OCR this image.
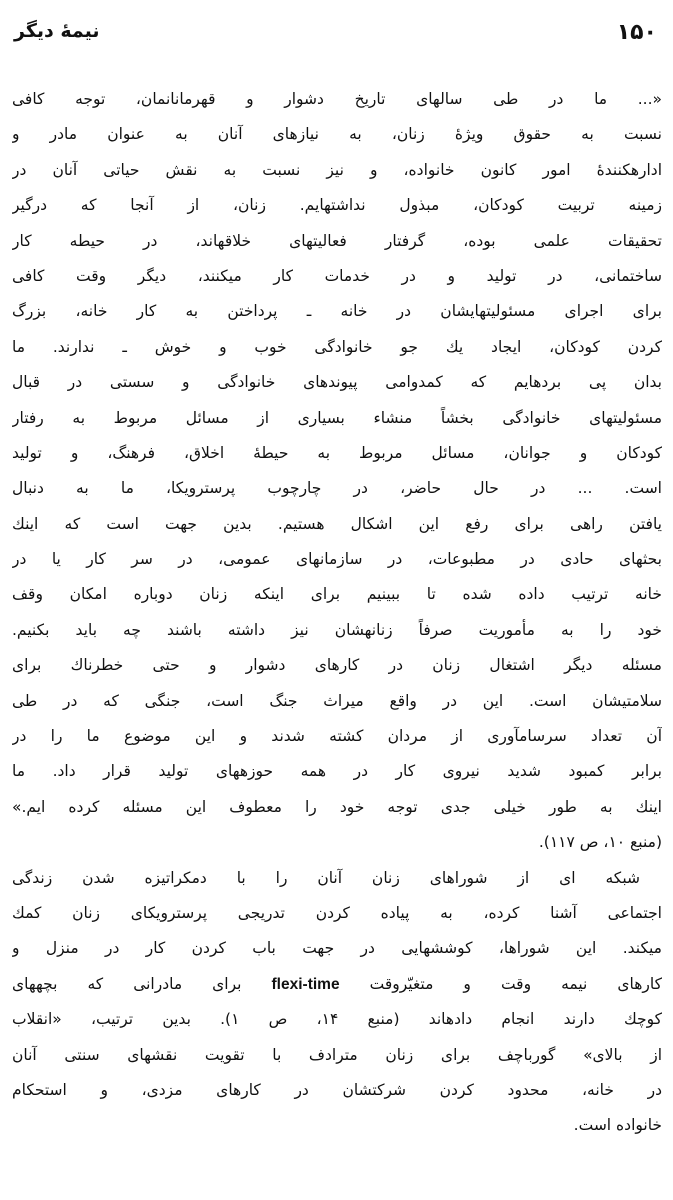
۱۵۰
نیمهٔ دیگر
«... ما در طی سالهای تاریخ دشوار و قهرمانانمان، توجه کافی
نسبت به حقوق ویژهٔ زنان، به نیازهای آنان به عنوان مادر و
ادارهکنندهٔ امور کانون خانواده، و نیز نسبت به نقش حیاتی آنان در
زمینه تربیت کودکان، مبذول نداشتهایم. زنان، از آنجا که درگیر
تحقیقات علمی بوده، گرفتار فعالیتهای خلاقهاند، در حیطه کار
ساختمانی، در تولید و در خدمات کار میکنند، دیگر وقت کافی
برای اجرای مسئولیتهایشان در خانه ـ پرداختن به کار خانه، بزرگ
کردن کودکان، ایجاد یك جو خانوادگی خوب و خوش ـ ندارند. ما
بدان پی بردهایم که کمدوامی پیوندهای خانوادگی و سستی در قبال
مسئولیتهای خانوادگی بخشاً منشاء بسیاری از مسائل مربوط به رفتار
کودکان و جوانان، مسائل مربوط به حیطهٔ اخلاق، فرهنگ، و تولید
است. ... در حال حاضر، در چارچوب پرسترویکا، ما به دنبال
یافتن راهی برای رفع این اشکال هستیم. بدین جهت است که اینك
بحثهای حادی در مطبوعات، در سازمانهای عمومی، در سر کار یا در
خانه ترتیب داده شده تا ببینیم برای اینکه زنان دوباره امکان وقف
خود را به مأموریت صرفاً زنانهشان نیز داشته باشند چه باید بکنیم.
مسئله دیگر اشتغال زنان در کارهای دشوار و حتی خطرناك برای
سلامتیشان است. این در واقع میراث جنگ است، جنگی که در طی
آن تعداد سرسامآوری از مردان کشته شدند و این موضوع ما را در
برابر کمبود شدید نیروی کار در همه حوزههای تولید قرار داد. ما
اینك به طور خیلی جدی توجه خود را معطوف این مسئله کرده ایم.»
(منبع ۱۰، ص ۱۱۷).
شبکه ای از شوراهای زنان آنان را با دمکراتیزه شدن زندگی
اجتماعی آشنا کرده، به پیاده کردن تدریجی پرسترویکای زنان کمك
میکند. این شوراها، کوششهایی در جهت باب کردن کار در منزل و
کارهای نیمه وقت و متغیّروقت flexi-time برای مادرانی که بچههای
کوچك دارند انجام دادهاند (منبع ۱۴، ص ۱). بدین ترتیب، «انقلاب
از بالای» گورباچف برای زنان مترادف با تقویت نقشهای سنتی آنان
در خانه، محدود کردن شرکتشان در کارهای مزدی، و استحکام
خانواده است.
